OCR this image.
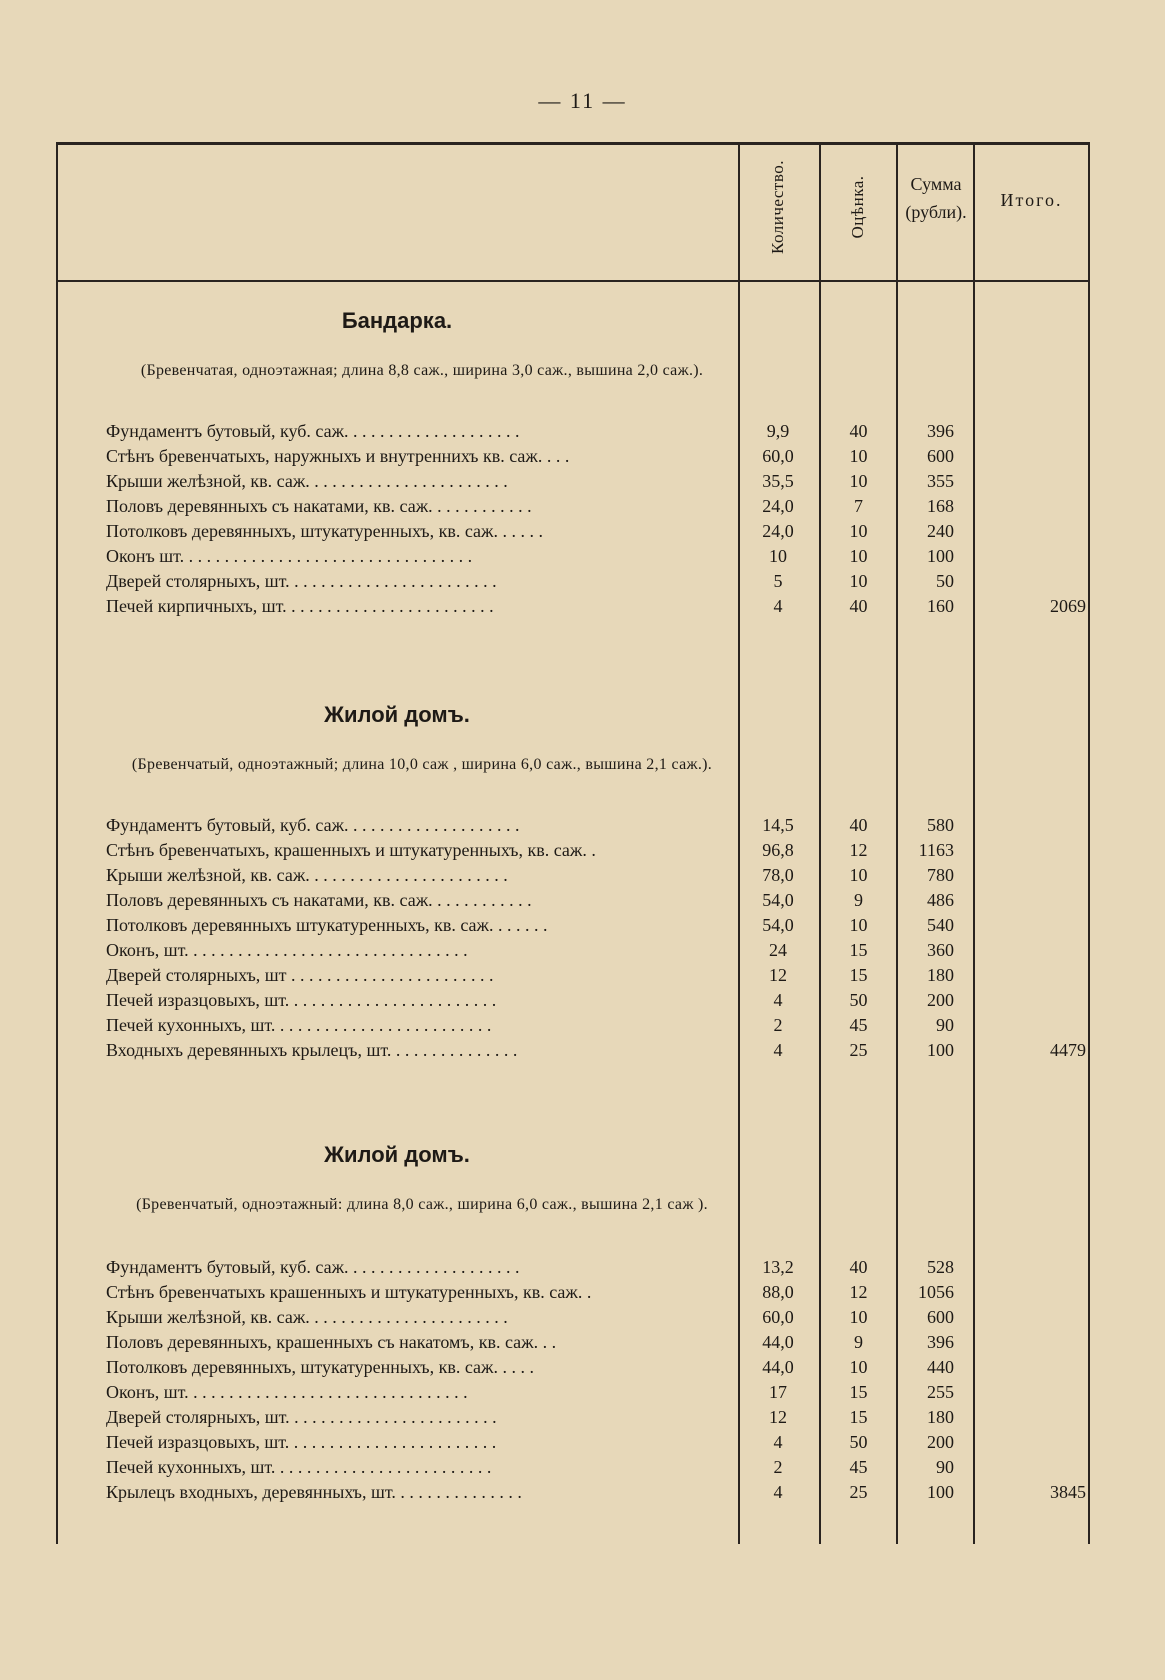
— 11 —
Количество.	Оцѣнка.	Сумма
(рубли).
Итого.
Бандарка.
(Бревенчатая, одноэтажная; длина 8,8 саж., ширина 3,0 саж., вышина 2,0 саж.).
Фундаментъ бутовый, куб. саж. . . . . . . . . . . . . . . . . . . .	9,9	40	396
Стѣнъ бревенчатыхъ, наружныхъ и внутреннихъ кв. саж. . . .	60,0	10	600
Крыши желѣзной, кв. саж. . . . . . . . . . . . . . . . . . . . . . .	35,5	10	355
Половъ деревянныхъ съ накатами, кв. саж. . . . . . . . . . . .	24,0	7	168
Потолковъ деревянныхъ, штукатуренныхъ, кв. саж. . . . . .	24,0	10	240
Оконъ шт. . . . . . . . . . . . . . . . . . . . . . . . . . . . . . . . .	10	10	100
Дверей столярныхъ, шт. . . . . . . . . . . . . . . . . . . . . . . .	5	10	50
Печей кирпичныхъ, шт. . . . . . . . . . . . . . . . . . . . . . . .	4	40	160	2069
Жилой домъ.
(Бревенчатый, одноэтажный; длина 10,0 саж , ширина 6,0 саж., вышина 2,1 саж.).
Фундаментъ бутовый, куб. саж. . . . . . . . . . . . . . . . . . . .	14,5	40	580
Стѣнъ бревенчатыхъ, крашенныхъ и штукатуренныхъ, кв. саж. .	96,8	12	1163
Крыши желѣзной, кв. саж. . . . . . . . . . . . . . . . . . . . . . .	78,0	10	780
Половъ деревянныхъ съ накатами, кв. саж. . . . . . . . . . . .	54,0	9	486
Потолковъ деревянныхъ штукатуренныхъ, кв. саж. . . . . . .	54,0	10	540
Оконъ, шт. . . . . . . . . . . . . . . . . . . . . . . . . . . . . . . .	24	15	360
Дверей столярныхъ, шт . . . . . . . . . . . . . . . . . . . . . . .	12	15	180
Печей изразцовыхъ, шт. . . . . . . . . . . . . . . . . . . . . . . .	4	50	200
Печей кухонныхъ, шт. . . . . . . . . . . . . . . . . . . . . . . . .	2	45	90
Входныхъ деревянныхъ крылецъ, шт. . . . . . . . . . . . . . .	4	25	100	4479
Жилой домъ.
(Бревенчатый, одноэтажный: длина 8,0 саж., ширина 6,0 саж., вышина 2,1 саж ).
Фундаментъ бутовый, куб. саж. . . . . . . . . . . . . . . . . . . .	13,2	40	528
Стѣнъ бревенчатыхъ крашенныхъ и штукатуренныхъ, кв. саж. .	88,0	12	1056
Крыши желѣзной, кв. саж. . . . . . . . . . . . . . . . . . . . . . .	60,0	10	600
Половъ деревянныхъ, крашенныхъ съ накатомъ, кв. саж. . .	44,0	9	396
Потолковъ деревянныхъ, штукатуренныхъ, кв. саж. . . . .	44,0	10	440
Оконъ, шт. . . . . . . . . . . . . . . . . . . . . . . . . . . . . . . .	17	15	255
Дверей столярныхъ, шт. . . . . . . . . . . . . . . . . . . . . . . .	12	15	180
Печей изразцовыхъ, шт. . . . . . . . . . . . . . . . . . . . . . . .	4	50	200
Печей кухонныхъ, шт. . . . . . . . . . . . . . . . . . . . . . . . .	2	45	90
Крылецъ входныхъ, деревянныхъ, шт. . . . . . . . . . . . . . .	4	25	100	3845
